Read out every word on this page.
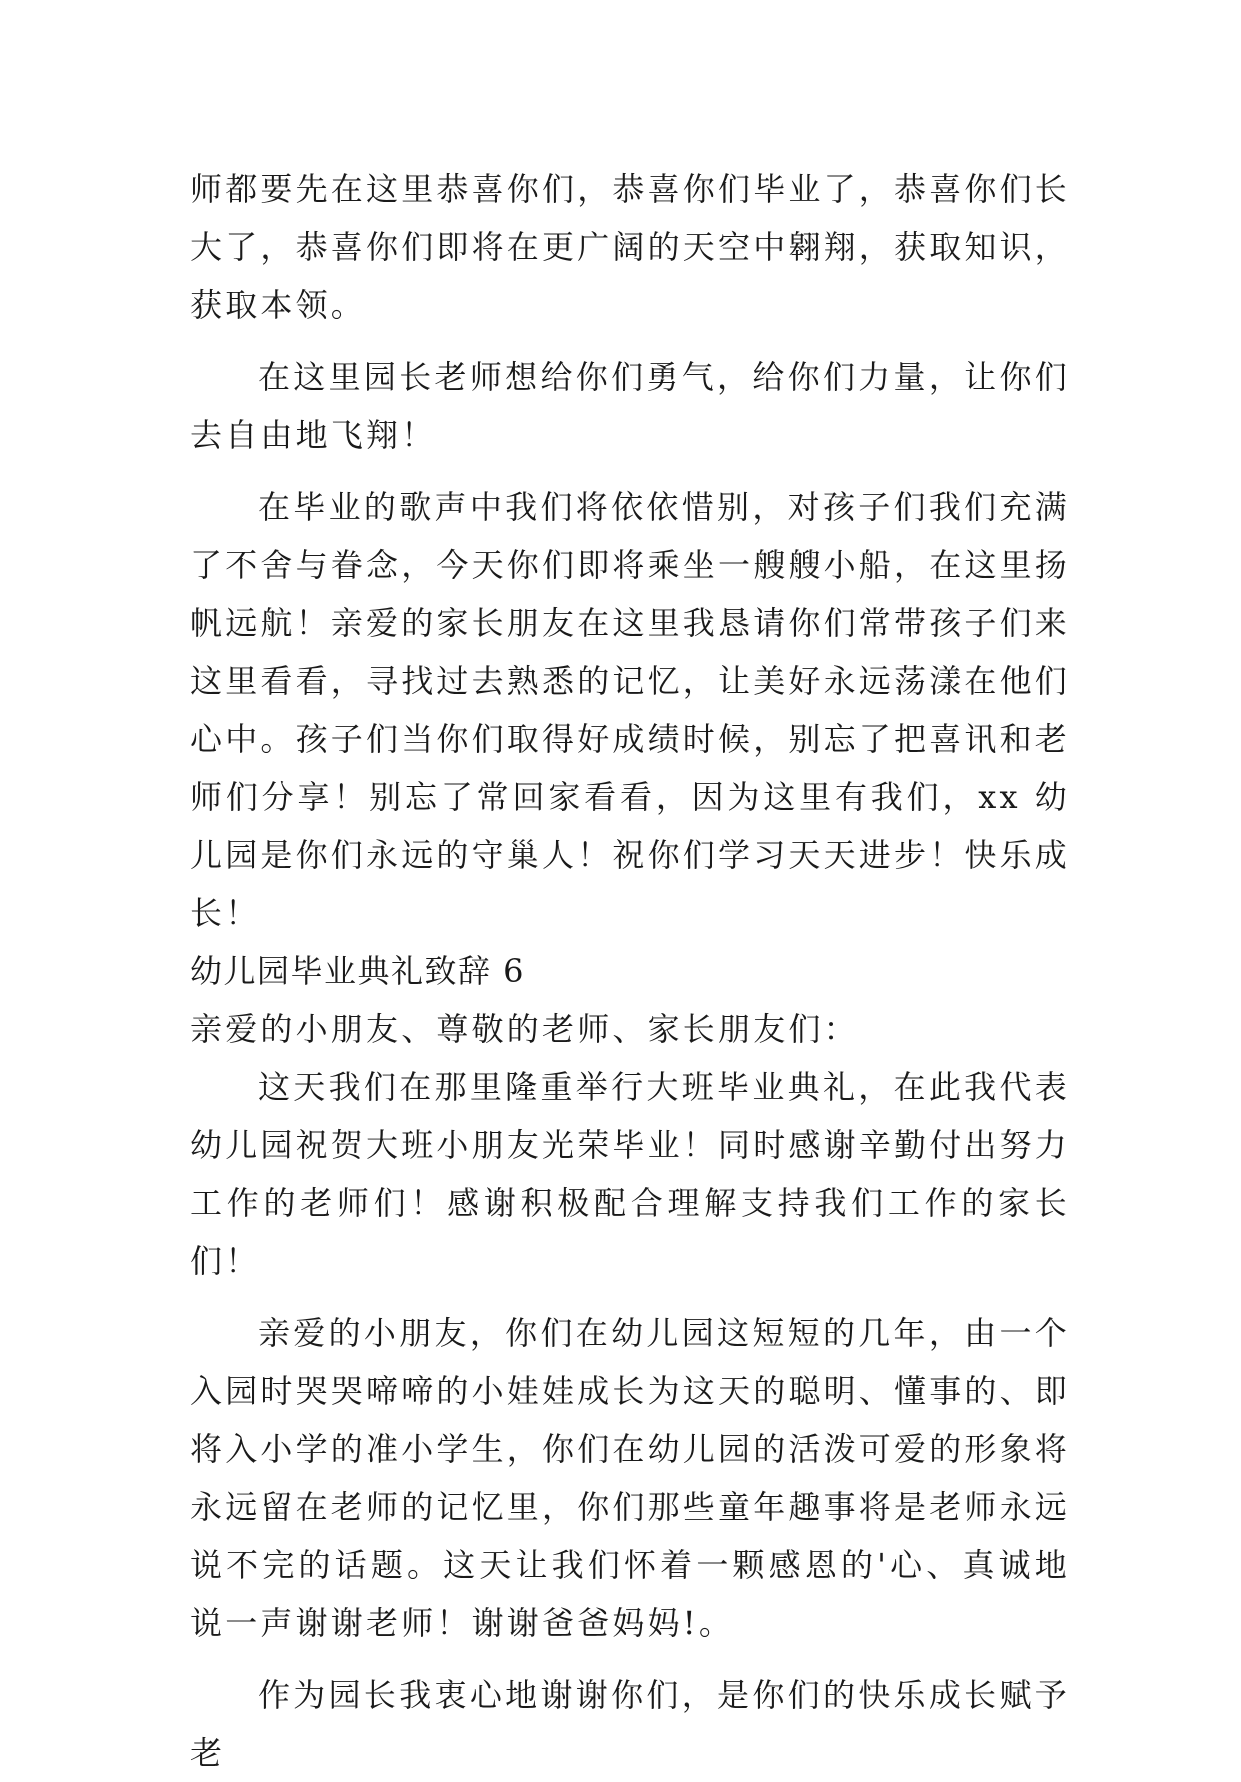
师都要先在这里恭喜你们，恭喜你们毕业了，恭喜你们长大了，恭喜你们即将在更广阔的天空中翱翔，获取知识，获取本领。

在这里园长老师想给你们勇气，给你们力量，让你们去自由地飞翔！

在毕业的歌声中我们将依依惜别，对孩子们我们充满了不舍与眷念，今天你们即将乘坐一艘艘小船，在这里扬帆远航！亲爱的家长朋友在这里我恳请你们常带孩子们来这里看看，寻找过去熟悉的记忆，让美好永远荡漾在他们心中。孩子们当你们取得好成绩时候，别忘了把喜讯和老师们分享！别忘了常回家看看，因为这里有我们，xx 幼儿园是你们永远的守巢人！祝你们学习天天进步！快乐成长！

幼儿园毕业典礼致辞 6

亲爱的小朋友、尊敬的老师、家长朋友们：

这天我们在那里隆重举行大班毕业典礼，在此我代表幼儿园祝贺大班小朋友光荣毕业！同时感谢辛勤付出努力工作的老师们！感谢积极配合理解支持我们工作的家长们！

亲爱的小朋友，你们在幼儿园这短短的几年，由一个入园时哭哭啼啼的小娃娃成长为这天的聪明、懂事的、即将入小学的准小学生，你们在幼儿园的活泼可爱的形象将永远留在老师的记忆里，你们那些童年趣事将是老师永远说不完的话题。这天让我们怀着一颗感恩的'心、真诚地说一声谢谢老师！谢谢爸爸妈妈!。

作为园长我衷心地谢谢你们，是你们的快乐成长赋予老
